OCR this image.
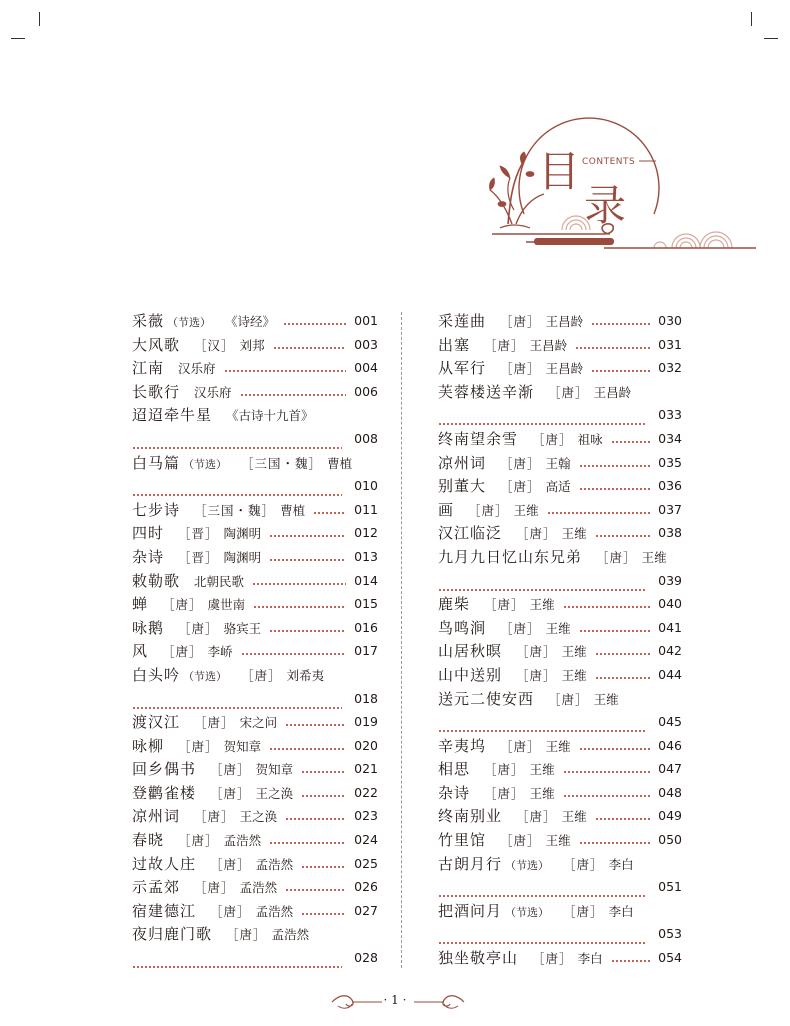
目
录
CONTENTS
采薇 （节选） 《诗经》	001
大风歌 ［汉］ 刘邦	003
江南 汉乐府	004
长歌行 汉乐府	006
迢迢牵牛星 《古诗十九首》
008
白马篇 （节选） ［三国・魏］ 曹植
010
七步诗 ［三国・魏］ 曹植	011
四时 ［晋］ 陶渊明	012
杂诗 ［晋］ 陶渊明	013
敕勒歌 北朝民歌	014
蝉 ［唐］ 虞世南	015
咏鹅 ［唐］ 骆宾王	016
风 ［唐］ 李峤	017
白头吟 （节选） ［唐］ 刘希夷
018
渡汉江 ［唐］ 宋之问	019
咏柳 ［唐］ 贺知章	020
回乡偶书 ［唐］ 贺知章	021
登鹳雀楼 ［唐］ 王之涣	022
凉州词 ［唐］ 王之涣	023
春晓 ［唐］ 孟浩然	024
过故人庄 ［唐］ 孟浩然	025
示孟郊 ［唐］ 孟浩然	026
宿建德江 ［唐］ 孟浩然	027
夜归鹿门歌 ［唐］ 孟浩然
028
采莲曲 ［唐］ 王昌龄	030
出塞 ［唐］ 王昌龄	031
从军行 ［唐］ 王昌龄	032
芙蓉楼送辛渐 ［唐］ 王昌龄
033
终南望余雪 ［唐］ 祖咏	034
凉州词 ［唐］ 王翰	035
别董大 ［唐］ 高适	036
画 ［唐］ 王维	037
汉江临泛 ［唐］ 王维	038
九月九日忆山东兄弟 ［唐］ 王维
039
鹿柴 ［唐］ 王维	040
鸟鸣涧 ［唐］ 王维	041
山居秋暝 ［唐］ 王维	042
山中送别 ［唐］ 王维	044
送元二使安西 ［唐］ 王维
045
辛夷坞 ［唐］ 王维	046
相思 ［唐］ 王维	047
杂诗 ［唐］ 王维	048
终南别业 ［唐］ 王维	049
竹里馆 ［唐］ 王维	050
古朗月行 （节选） ［唐］ 李白
051
把酒问月 （节选） ［唐］ 李白
053
独坐敬亭山 ［唐］ 李白	054
· 1 ·
